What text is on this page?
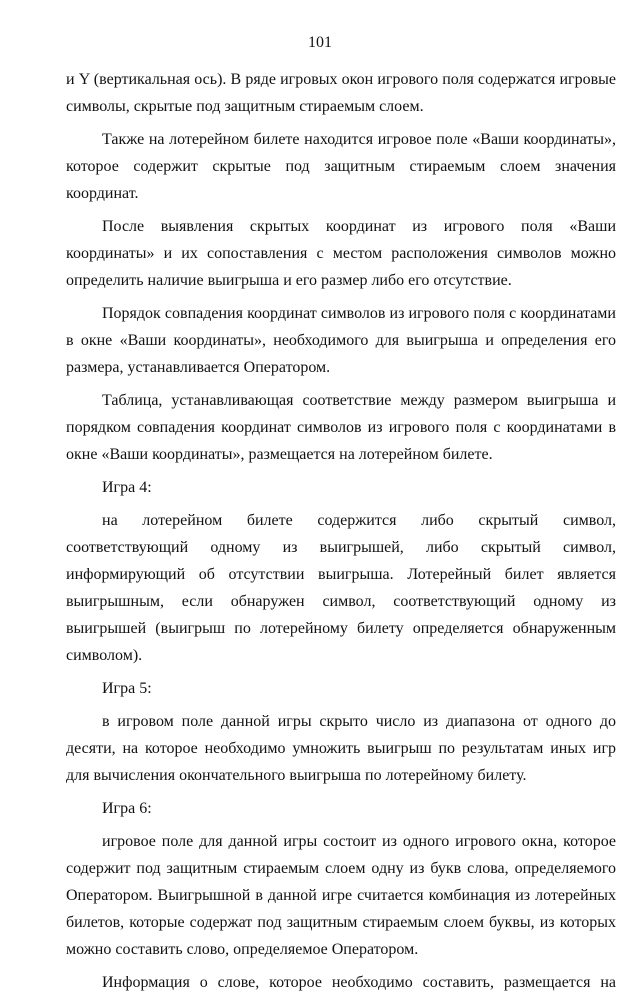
101

и Y (вертикальная ось). В ряде игровых окон игрового поля содержатся игровые символы, скрытые под защитным стираемым слоем.

Также на лотерейном билете находится игровое поле «Ваши координаты», которое содержит скрытые под защитным стираемым слоем значения координат.

После выявления скрытых координат из игрового поля «Ваши координаты» и их сопоставления с местом расположения символов можно определить наличие выигрыша и его размер либо его отсутствие.

Порядок совпадения координат символов из игрового поля с координатами в окне «Ваши координаты», необходимого для выигрыша и определения его размера, устанавливается Оператором.

Таблица, устанавливающая соответствие между размером выигрыша и порядком совпадения координат символов из игрового поля с координатами в окне «Ваши координаты», размещается на лотерейном билете.

Игра 4:

на лотерейном билете содержится либо скрытый символ, соответствующий одному из выигрышей, либо скрытый символ, информирующий об отсутствии выигрыша. Лотерейный билет является выигрышным, если обнаружен символ, соответствующий одному из выигрышей (выигрыш по лотерейному билету определяется обнаруженным символом).

Игра 5:

в игровом поле данной игры скрыто число из диапазона от одного до десяти, на которое необходимо умножить выигрыш по результатам иных игр для вычисления окончательного выигрыша по лотерейному билету.

Игра 6:

игровое поле для данной игры состоит из одного игрового окна, которое содержит под защитным стираемым слоем одну из букв слова, определяемого Оператором. Выигрышной в данной игре считается комбинация из лотерейных билетов, которые содержат под защитным стираемым слоем буквы, из которых можно составить слово, определяемое Оператором.

Информация о слове, которое необходимо составить, размещается на
